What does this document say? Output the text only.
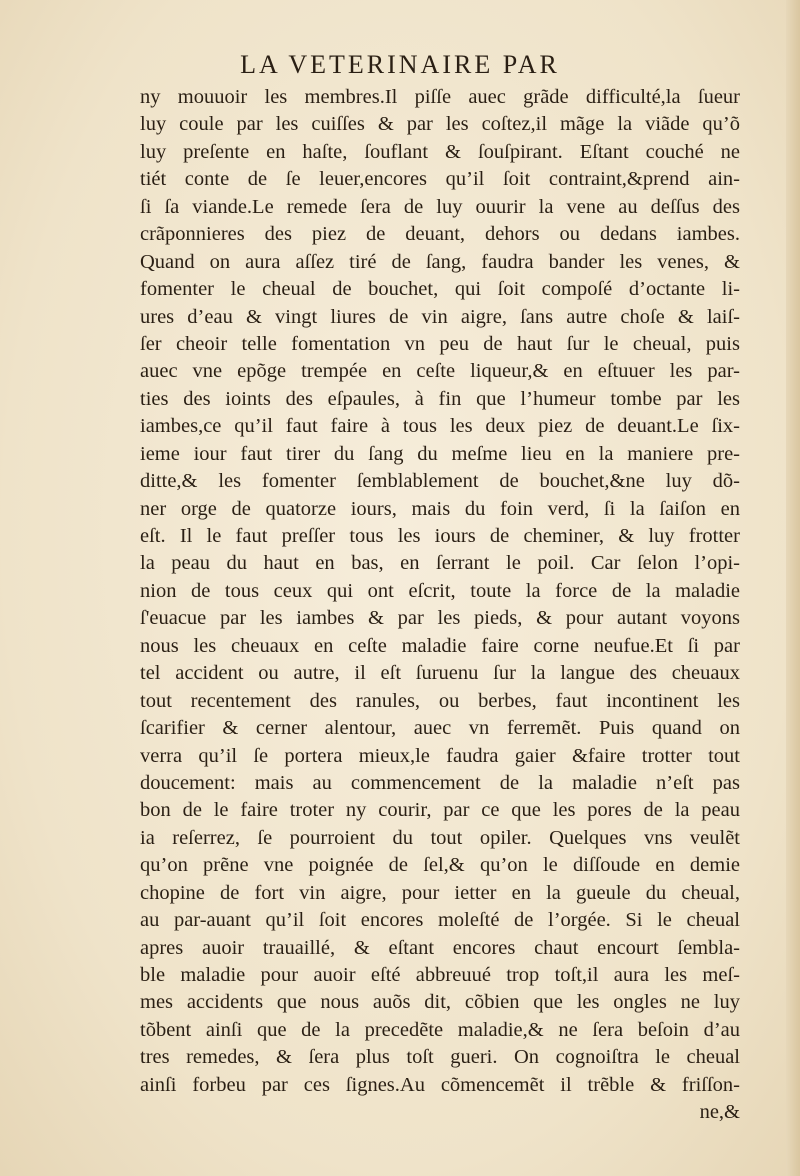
LA VETERINAIRE PAR
ny mouuoir les membres.Il piſſe auec grãde difficulté,la ſueur
luy coule par les cuiſſes & par les coſtez,il mãge la viãde qu’õ
luy preſente en haſte, ſouflant & ſouſpirant. Eſtant couché ne
tiét conte de ſe leuer,encores qu’il ſoit contraint,&prend ain-
ſi ſa viande.Le remede ſera de luy ouurir la vene au deſſus des
crãponnieres des piez de deuant, dehors ou dedans iambes.
Quand on aura aſſez tiré de ſang, faudra bander les venes, &
fomenter le cheual de bouchet, qui ſoit compoſé d’octante li-
ures d’eau & vingt liures de vin aigre, ſans autre choſe & laiſ-
ſer cheoir telle fomentation vn peu de haut ſur le cheual, puis
auec vne epõge trempée en ceſte liqueur,& en eſtuuer les par-
ties des ioints des eſpaules, à fin que l’humeur tombe par les
iambes,ce qu’il faut faire à tous les deux piez de deuant.Le ſix-
ieme iour faut tirer du ſang du meſme lieu en la maniere pre-
ditte,& les fomenter ſemblablement de bouchet,&ne luy dõ-
ner orge de quatorze iours, mais du foin verd, ſi la ſaiſon en
eſt. Il le faut preſſer tous les iours de cheminer, & luy frotter
la peau du haut en bas, en ſerrant le poil. Car ſelon l’opi-
nion de tous ceux qui ont eſcrit, toute la force de la maladie
ſ'euacue par les iambes & par les pieds, & pour autant voyons
nous les cheuaux en ceſte maladie faire corne neufue.Et ſi par
tel accident ou autre, il eſt ſuruenu ſur la langue des cheuaux
tout recentement des ranules, ou berbes, faut incontinent les
ſcarifier & cerner alentour, auec vn ferremẽt. Puis quand on
verra qu’il ſe portera mieux,le faudra gaier &faire trotter tout
doucement: mais au commencement de la maladie n’eſt pas
bon de le faire troter ny courir, par ce que les pores de la peau
ia reſerrez, ſe pourroient du tout opiler. Quelques vns veulẽt
qu’on prẽne vne poignée de ſel,& qu’on le diſſoude en demie
chopine de fort vin aigre, pour ietter en la gueule du cheual,
au par-auant qu’il ſoit encores moleſté de l’orgée. Si le cheual
apres auoir trauaillé, & eſtant encores chaut encourt ſembla-
ble maladie pour auoir eſté abbreuué trop toſt,il aura les meſ-
mes accidents que nous auõs dit, cõbien que les ongles ne luy
tõbent ainſi que de la precedẽte maladie,& ne ſera beſoin d’au
tres remedes, & ſera plus toſt gueri. On cognoiſtra le cheual
ainſi forbeu par ces ſignes.Au cõmencemẽt il trẽble & friſſon-
ne,&
